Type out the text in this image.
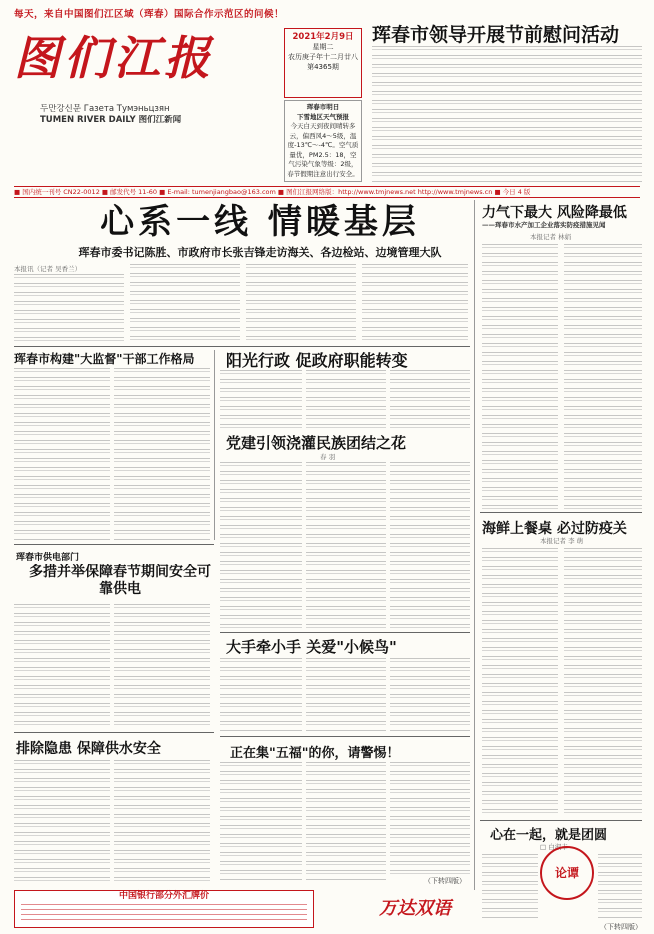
每天，来自中国图们江区域（珲春）国际合作示范区的问候！
图们江报
두만강신문 Газета Тумэньцзян
TUMEN RIVER DAILY 图们江新闻
2021年2月9日
星期二
农历庚子年十二月廿八
第4365期
珲春市明日
下雪地区天气预报
今天白天到夜间晴转多云，偏西风4～5级，温度-13℃～-4℃。空气质量优，PM2.5：18，空气污染气象等级：2级，春节假期注意出行安全。
珲春市领导开展节前慰问活动
■ 国内统一刊号 CN22-0012 ■ 邮发代号 11-60 ■ E-mail: tumenjiangbao@163.com ■ 图们江报网络版：http://www.tmjnews.net http://www.tmjnews.cn ■ 今日 4 版
心系一线 情暖基层
珲春市委书记陈胜、市政府市长张吉锋走访海关、各边检站、边境管理大队
本报讯（记者 吴香兰）
力气下最大 风险降最低
——珲春市水产加工企业落实防疫措施见闻
本报记者 林娟
珲春市构建"大监督"干部工作格局	阳光行政 促政府职能转变
党建引领浇灌民族团结之花
春 羽
海鲜上餐桌 必过防疫关
本报记者 李 萌
珲春市供电部门
多措并举保障春节期间安全可靠供电
大手牵小手 关爱"小候鸟"
排除隐患 保障供水安全	正在集"五福"的你，请警惕！
（下转四版）
心在一起，就是团圆
□ 白淑丰
论谭
（下转四版）
中国银行部分外汇牌价
万达双语
